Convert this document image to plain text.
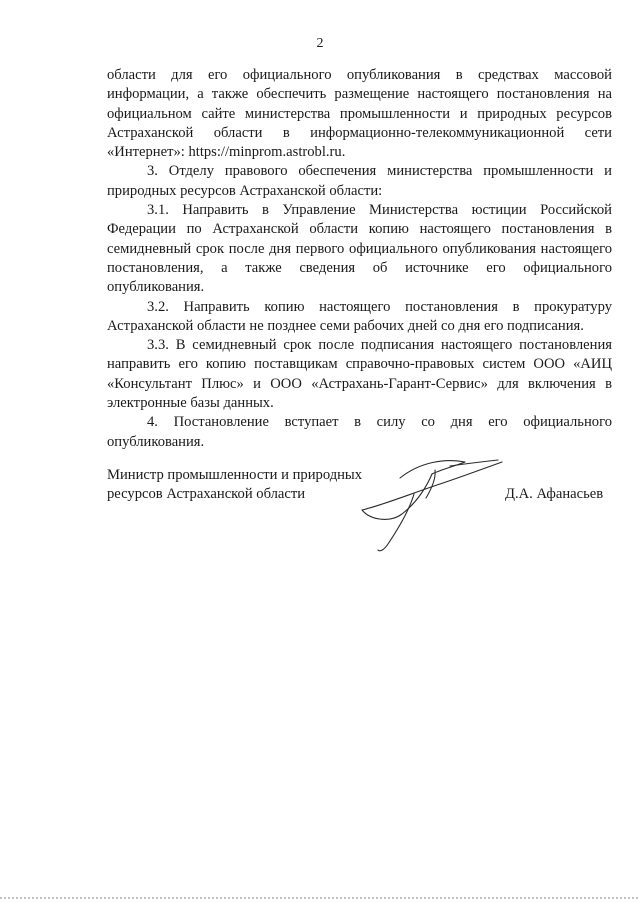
2

области для его официального опубликования в средствах массовой информации, а также обеспечить размещение настоящего постановления на официальном сайте министерства промышленности и природных ресурсов Астраханской области в информационно-телекоммуникационной сети «Интернет»: https://minprom.astrobl.ru.

3. Отделу правового обеспечения министерства промышленности и природных ресурсов Астраханской области:

3.1. Направить в Управление Министерства юстиции Российской Федерации по Астраханской области копию настоящего постановления в семидневный срок после дня первого официального опубликования настоящего постановления, а также сведения об источнике его официального опубликования.

3.2. Направить копию настоящего постановления в прокуратуру Астраханской области не позднее семи рабочих дней со дня его подписания.

3.3. В семидневный срок после подписания настоящего постановления направить его копию поставщикам справочно-правовых систем ООО «АИЦ «Консультант Плюс» и ООО «Астрахань-Гарант-Сервис» для включения в электронные базы данных.

4. Постановление вступает в силу со дня его официального опубликования.

Министр промышленности и природных
ресурсов Астраханской области	Д.А. Афанасьев
